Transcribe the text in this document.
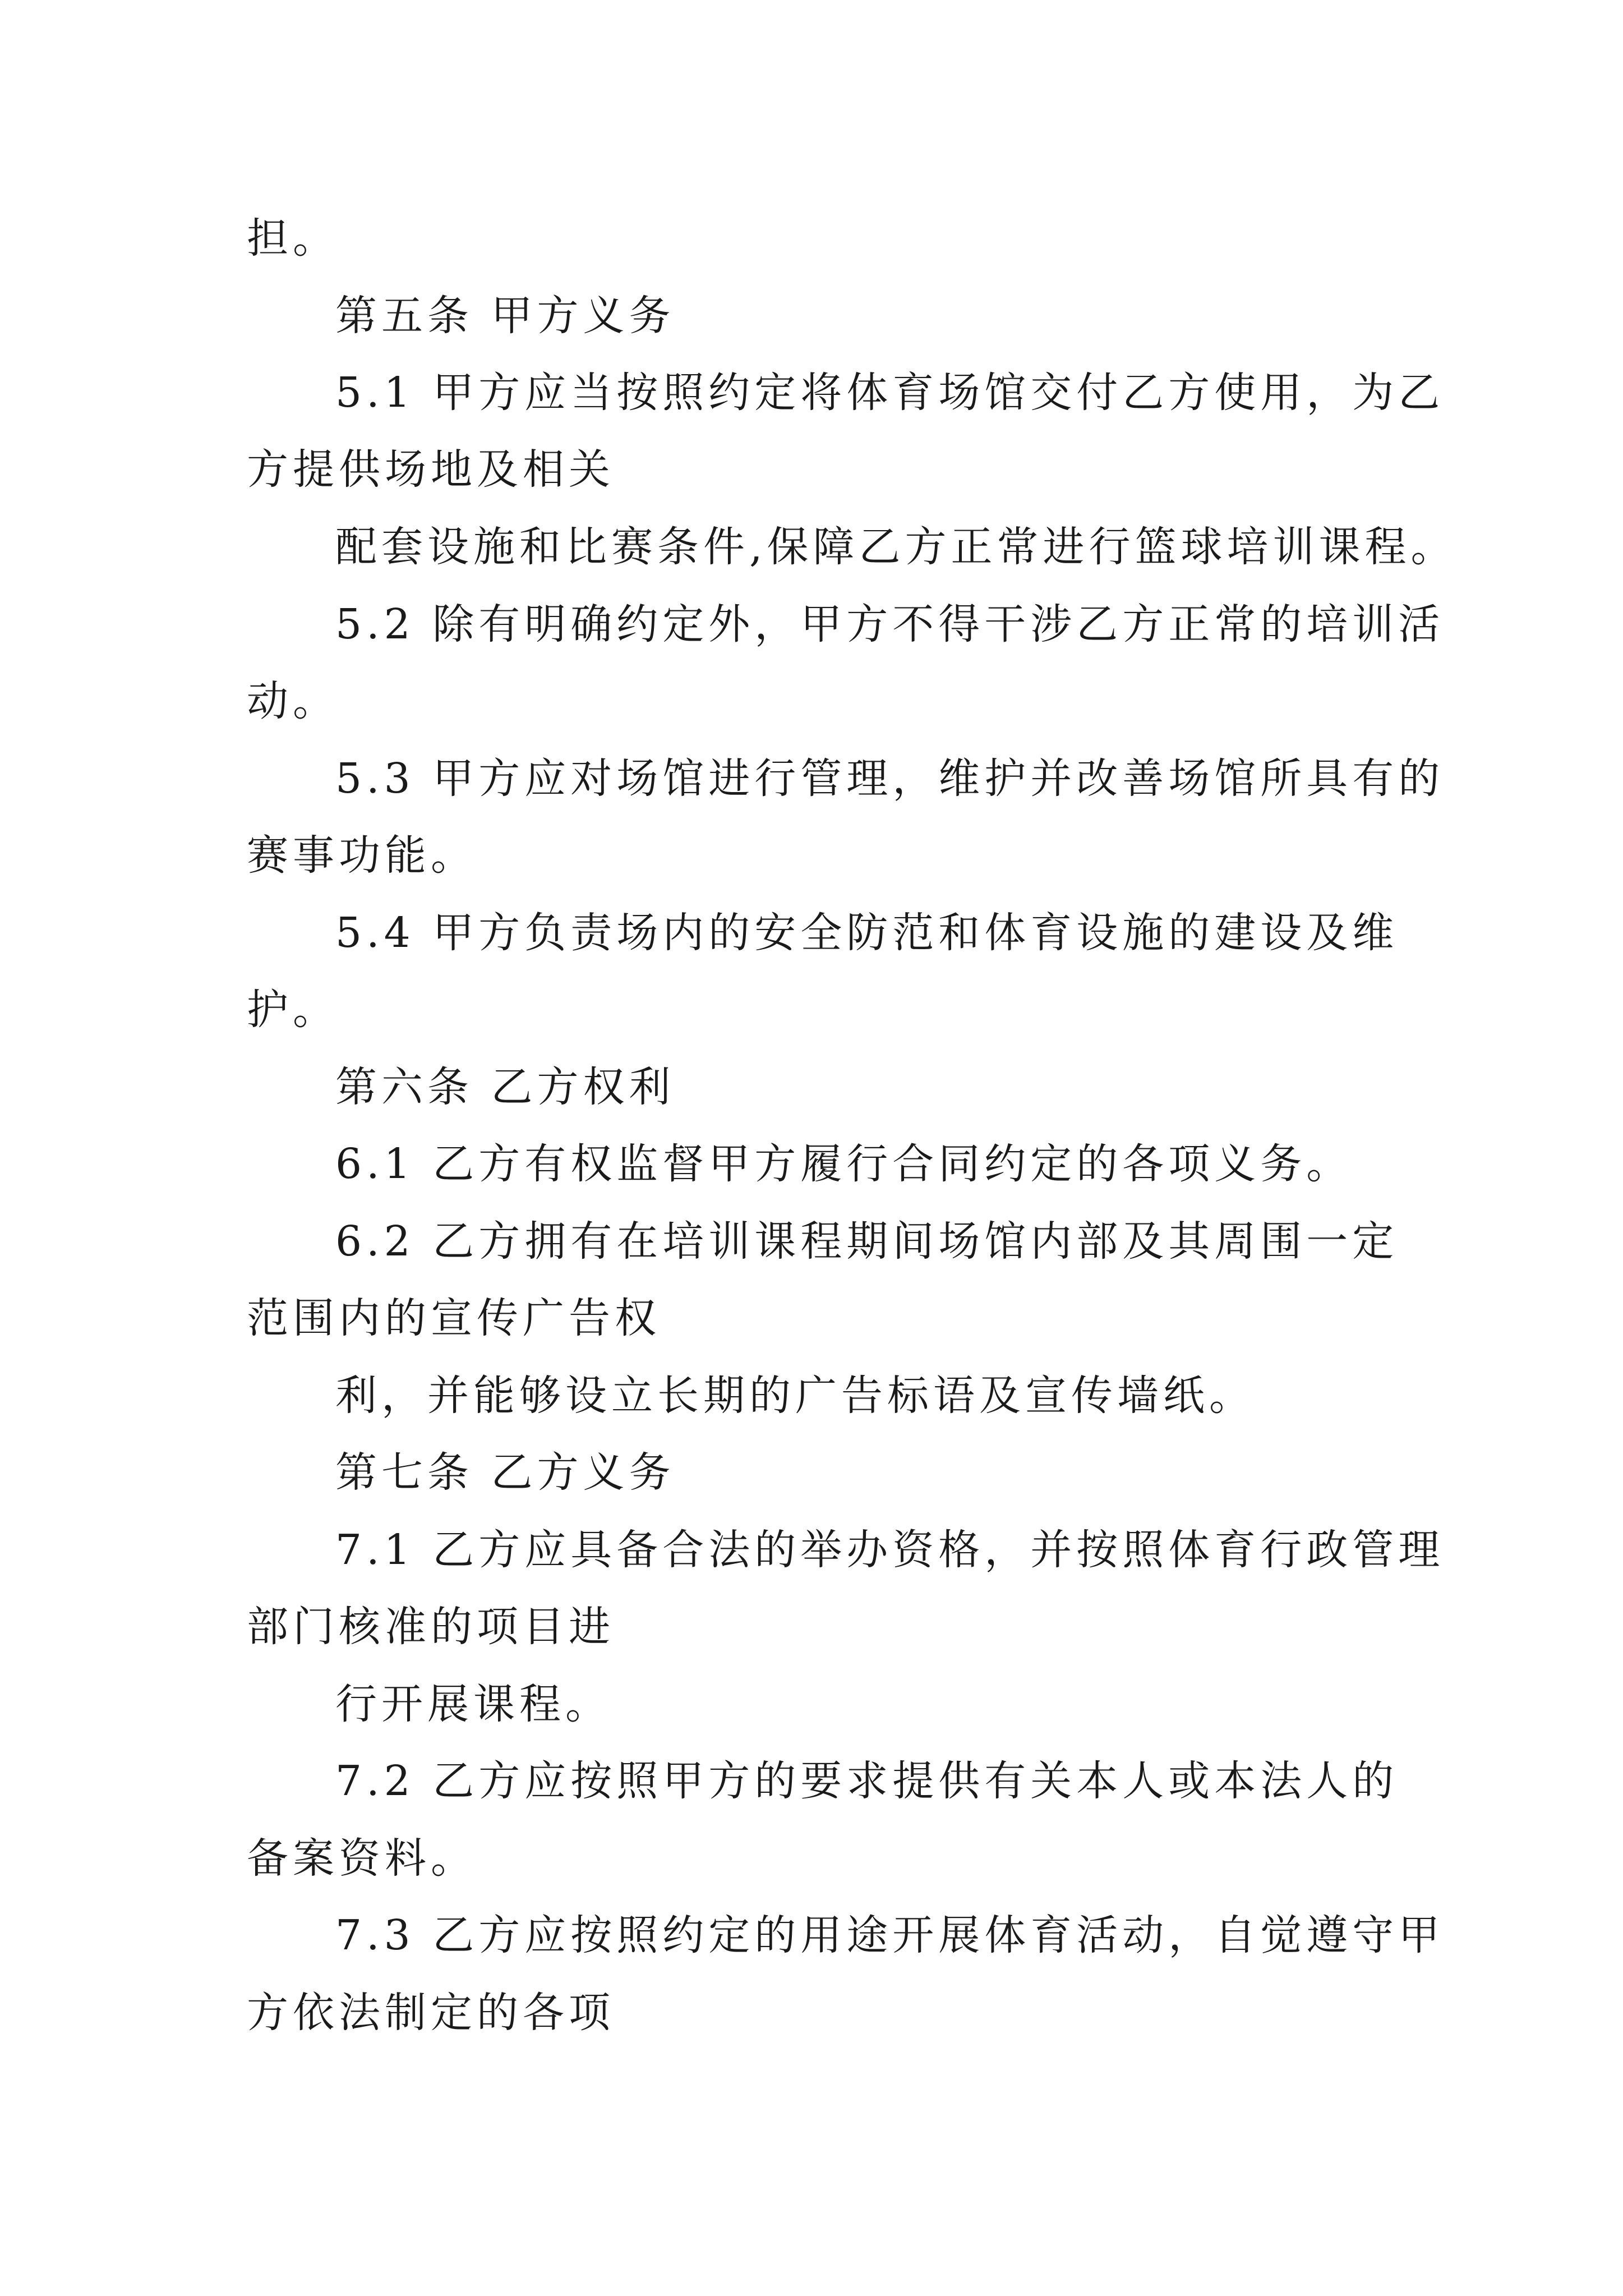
担。
第五条 甲方义务
5.1 甲方应当按照约定将体育场馆交付乙方使用，为乙
方提供场地及相关
配套设施和比赛条件,保障乙方正常进行篮球培训课程。
5.2 除有明确约定外，甲方不得干涉乙方正常的培训活
动。
5.3 甲方应对场馆进行管理，维护并改善场馆所具有的
赛事功能。
5.4 甲方负责场内的安全防范和体育设施的建设及维
护。
第六条 乙方权利
6.1 乙方有权监督甲方履行合同约定的各项义务。
6.2 乙方拥有在培训课程期间场馆内部及其周围一定
范围内的宣传广告权
利，并能够设立长期的广告标语及宣传墙纸。
第七条 乙方义务
7.1 乙方应具备合法的举办资格，并按照体育行政管理
部门核准的项目进
行开展课程。
7.2 乙方应按照甲方的要求提供有关本人或本法人的
备案资料。
7.3 乙方应按照约定的用途开展体育活动，自觉遵守甲
方依法制定的各项
